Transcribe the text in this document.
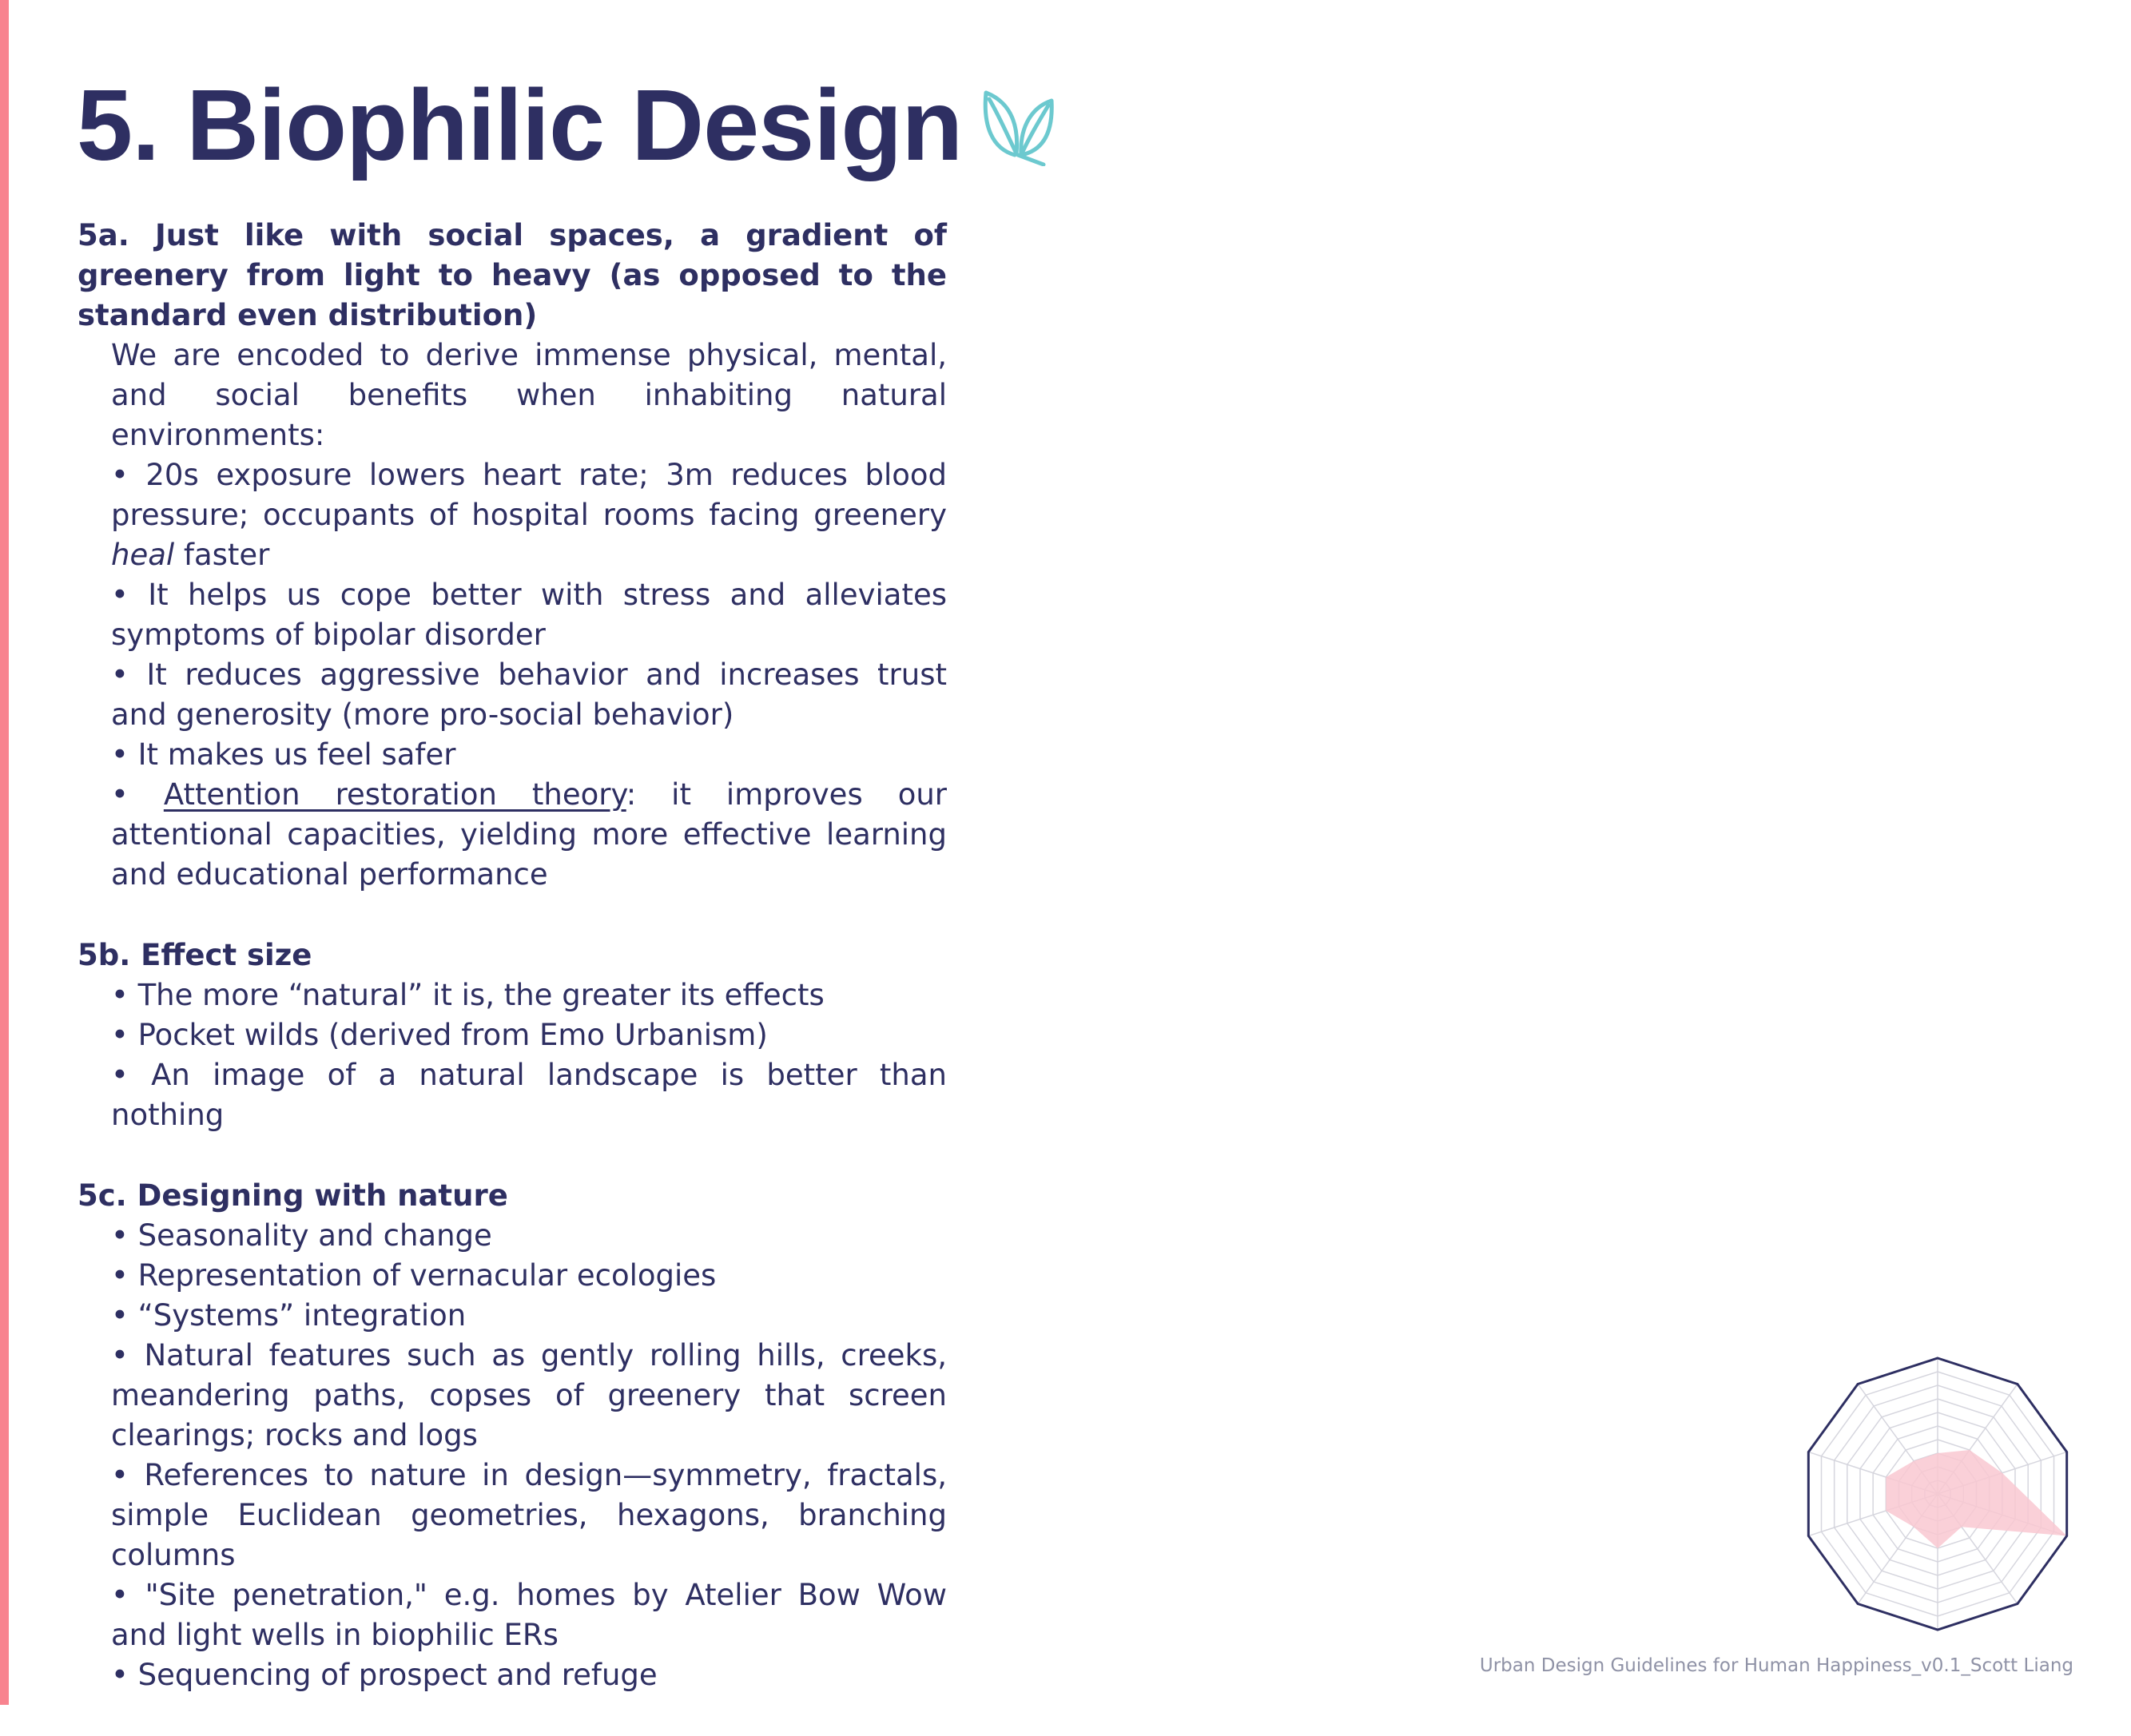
5. Biophilic Design

5a. Just like with social spaces, a gradient of greenery from light to heavy (as opposed to the standard even distribution)

We are encoded to derive immense physical, mental, and social benefits when inhabiting natural environments:

• 20s exposure lowers heart rate; 3m reduces blood pressure; occupants of hospital rooms facing greenery heal faster

• It helps us cope better with stress and alleviates symptoms of bipolar disorder

• It reduces aggressive behavior and increases trust and generosity (more pro-social behavior)

• It makes us feel safer

• Attention restoration theory: it improves our attentional capacities, yielding more effective learning and educational performance

5b. Effect size

• The more “natural” it is, the greater its effects

• Pocket wilds (derived from Emo Urbanism)

• An image of a natural landscape is better than nothing

5c. Designing with nature

• Seasonality and change

• Representation of vernacular ecologies

• “Systems” integration

• Natural features such as gently rolling hills, creeks, meandering paths, copses of greenery that screen clearings; rocks and logs

• References to nature in design—symmetry, fractals, simple Euclidean geometries, hexagons, branching columns

• "Site penetration," e.g. homes by Atelier Bow Wow and light wells in biophilic ERs

• Sequencing of prospect and refuge	Urban Design Guidelines for Human Happiness_v0.1_Scott Liang
